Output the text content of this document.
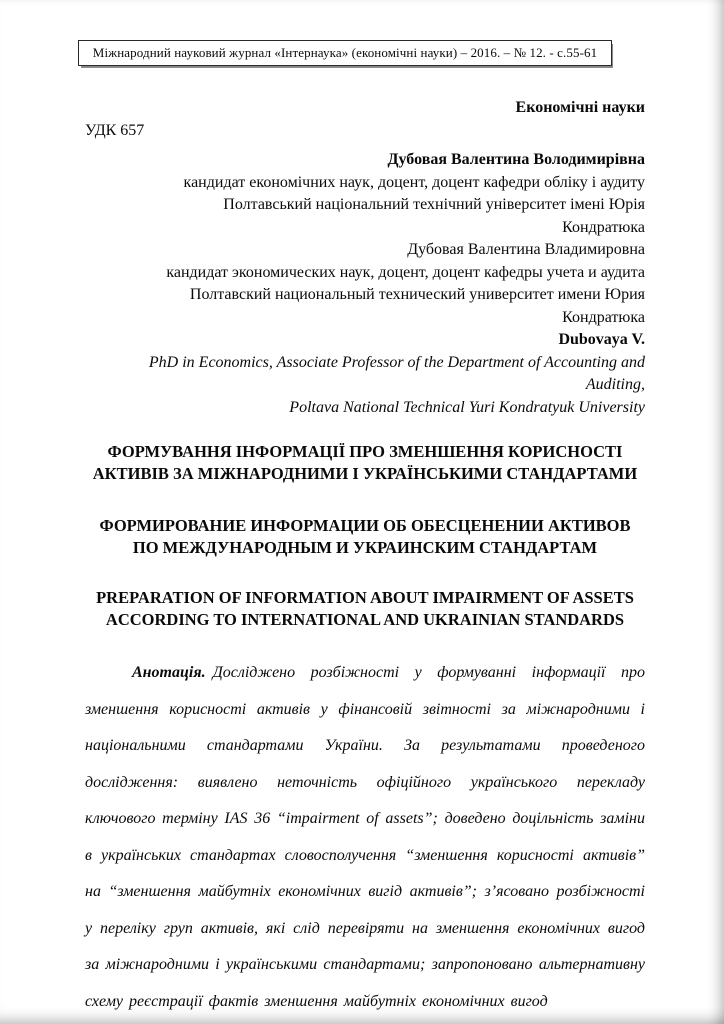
Міжнародний науковий журнал «Інтернаука» (економічні науки) – 2016. – № 12. - с.55-61
Економічні науки
УДК 657
Дубовая Валентина Володимирівна
кандидат економічних наук, доцент, доцент кафедри обліку і аудиту
Полтавський національний технічний університет імені Юрія
Кондратюка
Дубовая Валентина Владимировна
кандидат экономических наук, доцент, доцент кафедры учета и аудита
Полтавский национальный технический университет имени Юрия
Кондратюка
Dubovaya V.
PhD in Economics, Associate Professor of the Department of Accounting and
Auditing,
Poltava National Technical Yuri Kondratyuk University
ФОРМУВАННЯ ІНФОРМАЦІЇ ПРО ЗМЕНШЕННЯ КОРИСНОСТІ АКТИВІВ ЗА МІЖНАРОДНИМИ І УКРАЇНСЬКИМИ СТАНДАРТАМИ
ФОРМИРОВАНИЕ ИНФОРМАЦИИ ОБ ОБЕСЦЕНЕНИИ АКТИВОВ ПО МЕЖДУНАРОДНЫМ И УКРАИНСКИМ СТАНДАРТАМ
PREPARATION OF INFORMATION ABOUT IMPAIRMENT OF ASSETS ACCORDING TO INTERNATIONAL AND UKRAINIAN STANDARDS

Анотація. Досліджено розбіжності у формуванні інформації про зменшення корисності активів у фінансовій звітності за міжнародними і національними стандартами України. За результатами проведеного дослідження: виявлено неточність офіційного українського перекладу ключового терміну IAS 36 “impairment of assets”; доведено доцільність заміни в українських стандартах словосполучення “зменшення корисності активів” на “зменшення майбутніх економічних вигід активів”; з’ясовано розбіжності у переліку груп активів, які слід перевіряти на зменшення економічних вигод за міжнародними і українськими стандартами; запропоновано альтернативну схему реєстрації фактів зменшення майбутніх економічних вигод
